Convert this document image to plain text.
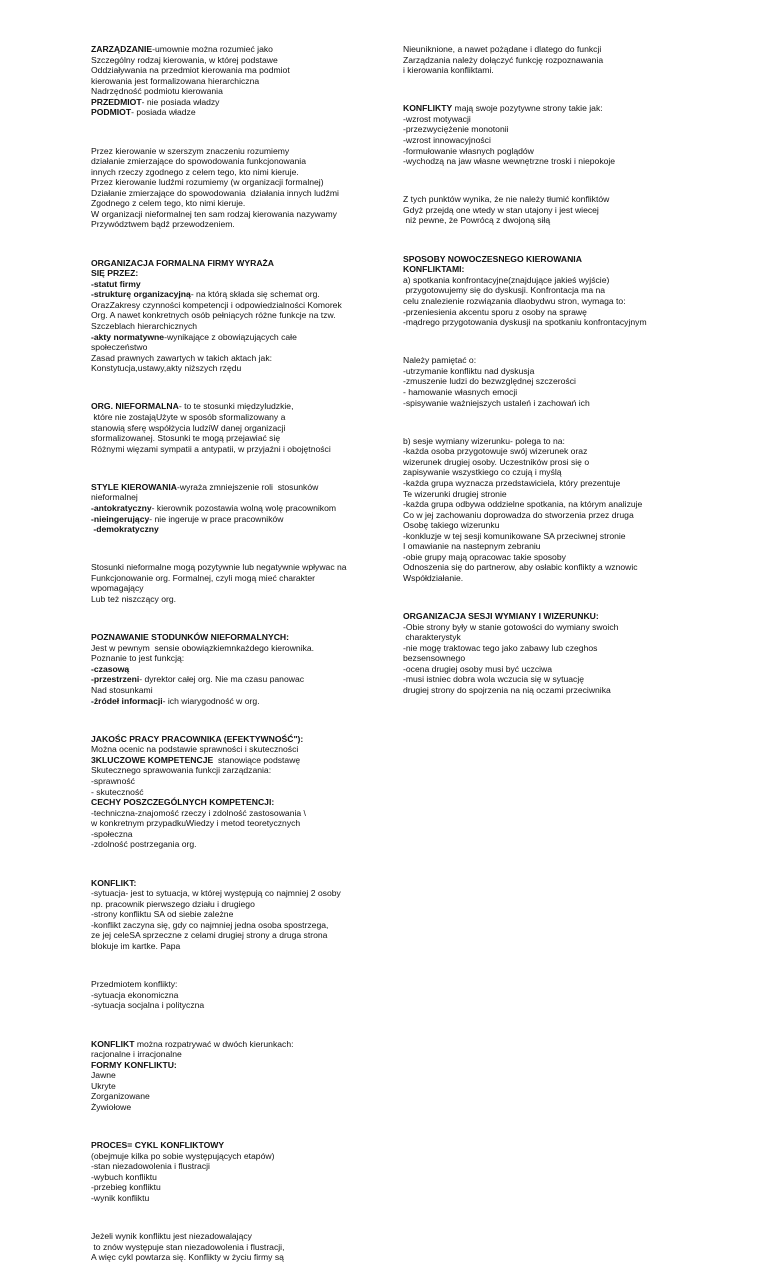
ZARZĄDZANIE-umownie można rozumieć jako

Szczególny rodzaj kierowania, w której podstawe

Oddziaływania na przedmiot kierowania ma podmiot

kierowania jest formalizowana hierarchiczna

Nadrzędność podmiotu kierowania

PRZEDMIOT- nie posiada władzy

PODMIOT- posiada władze

Przez kierowanie w szerszym znaczeniu rozumiemy

działanie zmierzające do spowodowania funkcjonowania

innych rzeczy zgodnego z celem tego, kto nimi kieruje.

Przez kierowanie ludźmi rozumiemy (w organizacji formalnej)

Działanie zmierzające do spowodowania  działania innych ludźmi

Zgodnego z celem tego, kto nimi kieruje.

W organizacji nieformalnej ten sam rodzaj kierowania nazywamy

Przywództwem bądź przewodzeniem.

ORGANIZACJA FORMALNA FIRMY WYRAŻA

SIĘ PRZEZ:

-statut firmy

-strukturę organizacyjną- na którą składa się schemat org.

OrazZakresy czynności kompetencji i odpowiedzialności Komorek

Org. A nawet konkretnych osób pełniących różne funkcje na tzw.

Szczeblach hierarchicznych

-akty normatywne-wynikające z obowiązujących całe

społeczeństwo

Zasad prawnych zawartych w takich aktach jak:

Konstytucja,ustawy,akty niższych rzędu

ORG. NIEFORMALNA- to te stosunki międzyludzkie,

które nie zostająUżyte w sposób sformalizowany a

stanowią sferę współżycia ludziW danej organizacji

sformalizowanej. Stosunki te mogą przejawiać się

Różnymi więzami sympatii a antypatii, w przyjaźni i obojętności

STYLE KIEROWANIA-wyraża zmniejszenie roli  stosunków

nieformalnej

-antokratyczny- kierownik pozostawia wolną wolę pracownikom

-nieingerujący- nie ingeruje w prace pracowników

-demokratyczny

Stosunki nieformalne mogą pozytywnie lub negatywnie wpływac na

Funkcjonowanie org. Formalnej, czyli mogą mieć charakter

wpomagający

Lub też niszczący org.

POZNAWANIE STODUNKÓW NIEFORMALNYCH:

Jest w pewnym  sensie obowiązkiemnkażdego kierownika.

Poznanie to jest funkcją:

-czasową

-przestrzeni- dyrektor całej org. Nie ma czasu panowac

Nad stosunkami

-źródeł informacji- ich wiarygodność w org.

JAKOŚC PRACY PRACOWNIKA (EFEKTYWNOŚĆ"):

Można ocenic na podstawie sprawności i skuteczności

3KLUCZOWE KOMPETENCJE  stanowiące podstawę

Skutecznego sprawowania funkcji zarządzania:

-sprawność

- skuteczność

CECHY POSZCZEGÓLNYCH KOMPETENCJI:

-techniczna-znajomość rzeczy i zdolność zastosowania \

w konkretnym przypadkuWiedzy i metod teoretycznych

-społeczna

-zdolność postrzegania org.

KONFLIKT:

-sytuacja- jest to sytuacja, w której występują co najmniej 2 osoby

np. pracownik pierwszego działu i drugiego

-strony konfliktu SA od siebie zależne

-konflikt zaczyna się, gdy co najmniej jedna osoba spostrzega,

ze jej celeSA sprzeczne z celami drugiej strony a druga strona

blokuje im kartke. Papa

Przedmiotem konflikty:

-sytuacja ekonomiczna

-sytuacja socjalna i polityczna

KONFLIKT można rozpatrywać w dwóch kierunkach:

racjonalne i irracjonalne

FORMY KONFLIKTU:

Jawne

Ukryte

Zorganizowane

Żywiołowe

PROCES= CYKL KONFLIKTOWY

(obejmuje kilka po sobie występujących etapów)

-stan niezadowolenia i flustracji

-wybuch konfliktu

-przebieg konfliktu

-wynik konfliktu

Jeżeli wynik konfliktu jest niezadowalający

to znów występuje stan niezadowolenia i flustracji,

A więc cykl powtarza się. Konflikty w życiu firmy są

Nieuniknione, a nawet pożądane i dlatego do funkcji

Zarządzania należy dołączyć funkcję rozpoznawania

i kierowania konfliktami.

KONFLIKTY mają swoje pozytywne strony takie jak:

-wzrost motywacji

-przezwyciężenie monotonii

-wzrost innowacyjności

-formułowanie własnych poglądów

-wychodzą na jaw własne wewnętrzne troski i niepokoje

Z tych punktów wynika, że nie należy tłumić konfliktów

Gdyż przejdą one wtedy w stan utajony i jest wiecej

niż pewne, że Powrócą z dwojoną siłą

SPOSOBY NOWOCZESNEGO KIEROWANIA

KONFLIKTAMI:

a) spotkania konfrontacyjne(znajdujące jakieś wyjście)

przygotowujemy się do dyskusji. Konfrontacja ma na

celu znalezienie rozwiązania dlaobydwu stron, wymaga to:

-przeniesienia akcentu sporu z osoby na sprawę

-mądrego przygotowania dyskusji na spotkaniu konfrontacyjnym

Należy pamiętać o:

-utrzymanie konfliktu nad dyskusja

-zmuszenie ludzi do bezwzględnej szczerości

- hamowanie własnych emocji

-spisywanie ważniejszych ustaleń i zachowań ich

b) sesje wymiany wizerunku- polega to na:

-każda osoba przygotowuje swój wizerunek oraz

wizerunek drugiej osoby. Uczestników prosi się o

zapisywanie wszystkiego co czują i myślą

-każda grupa wyznacza przedstawiciela, który prezentuje

Te wizerunki drugiej stronie

-każda grupa odbywa oddzielne spotkania, na którym analizuje

Co w jej zachowaniu doprowadza do stworzenia przez druga

Osobę takiego wizerunku

-konkluzje w tej sesji komunikowane SA przeciwnej stronie

I omawianie na nastepnym zebraniu

-obie grupy mają opracowac takie sposoby

Odnoszenia się do partnerow, aby osłabic konflikty a wznowic

Współdziałanie.

ORGANIZACJA SESJI WYMIANY I WIZERUNKU:

-Obie strony były w stanie gotowości do wymiany swoich

charakterystyk

-nie mogę traktowac tego jako zabawy lub czeghos

bezsensownego

-ocena drugiej osoby musi być uczciwa

-musi istniec dobra wola wczucia się w sytuację

drugiej strony do spojrzenia na nią oczami przeciwnika
